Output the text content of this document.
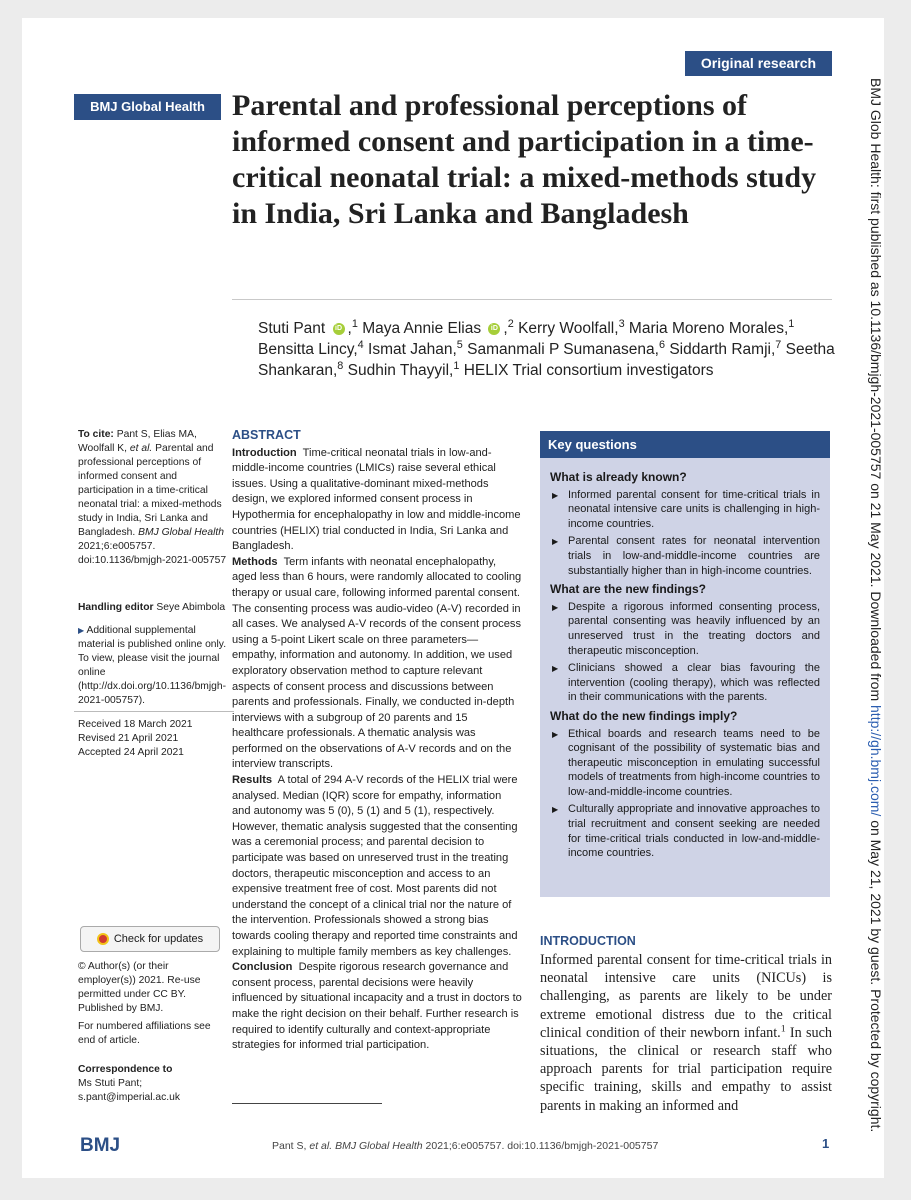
Original research
BMJ Global Health Parental and professional perceptions of informed consent and participation in a time-critical neonatal trial: a mixed-methods study in India, Sri Lanka and Bangladesh
Stuti Pant iD ,$^1$ Maya Annie Elias iD ,$^2$ Kerry Woolfall,$^3$ Maria Moreno Morales,$^1$ Bensitta Lincy,$^4$ Ismat Jahan,$^5$ Samanmali P Sumanasena,$^6$ Siddarth Ramji,$^7$ Seetha Shankaran,$^8$ Sudhin Thayyil,$^1$ HELIX Trial consortium investigators
To cite: Pant S, Elias MA, Woolfall K, et al. Parental and professional perceptions of informed consent and participation in a time-critical neonatal trial: a mixed-methods study in India, Sri Lanka and Bangladesh. BMJ Global Health 2021;6:e005757. doi:10.1136/bmjgh-2021-005757
Handling editor Seye Abimbola
▶ Additional supplemental material is published online only. To view, please visit the journal online (http://dx.doi.org/10.1136/bmjgh-2021-005757).
Received 18 March 2021
Revised 21 April 2021
Accepted 24 April 2021
Check for updates
© Author(s) (or their employer(s)) 2021. Re-use permitted under CC BY. Published by BMJ.
For numbered affiliations see end of article.
Correspondence to
Ms Stuti Pant;
s.pant@imperial.ac.uk
ABSTRACT

Introduction Time-critical neonatal trials in low-and-middle-income countries (LMICs) raise several ethical issues. Using a qualitative-dominant mixed-methods design, we explored informed consent process in Hypothermia for encephalopathy in low and middle-income countries (HELIX) trial conducted in India, Sri Lanka and Bangladesh.

Methods Term infants with neonatal encephalopathy, aged less than 6 hours, were randomly allocated to cooling therapy or usual care, following informed parental consent. The consenting process was audio-video (A-V) recorded in all cases. We analysed A-V records of the consent process using a 5-point Likert scale on three parameters—empathy, information and autonomy. In addition, we used exploratory observation method to capture relevant aspects of consent process and discussions between parents and professionals. Finally, we conducted in-depth interviews with a subgroup of 20 parents and 15 healthcare professionals. A thematic analysis was performed on the observations of A-V records and on the interview transcripts.

Results A total of 294 A-V records of the HELIX trial were analysed. Median (IQR) score for empathy, information and autonomy was 5 (0), 5 (1) and 5 (1), respectively. However, thematic analysis suggested that the consenting was a ceremonial process; and parental decision to participate was based on unreserved trust in the treating doctors, therapeutic misconception and access to an expensive treatment free of cost. Most parents did not understand the concept of a clinical trial nor the nature of the intervention. Professionals showed a strong bias towards cooling therapy and reported time constraints and explaining to multiple family members as key challenges.

Conclusion Despite rigorous research governance and consent process, parental decisions were heavily influenced by situational incapacity and a trust in doctors to make the right decision on their behalf. Further research is required to identify culturally and context-appropriate strategies for informed trial participation.

Key questions
What is already known?
▶ Informed parental consent for time-critical trials in neonatal intensive care units is challenging in high-income countries.
▶ Parental consent rates for neonatal intervention trials in low-and-middle-income countries are substantially higher than in high-income countries.
What are the new findings?
▶ Despite a rigorous informed consenting process, parental consenting was heavily influenced by an unreserved trust in the treating doctors and therapeutic misconception.
▶ Clinicians showed a clear bias favouring the intervention (cooling therapy), which was reflected in their communications with the parents.
What do the new findings imply?
▶ Ethical boards and research teams need to be cognisant of the possibility of systematic bias and therapeutic misconception in emulating successful models of treatments from high-income countries to low-and-middle-income countries.
▶ Culturally appropriate and innovative approaches to trial recruitment and consent seeking are needed for time-critical trials conducted in low-and-middle-income countries.
INTRODUCTION
Informed parental consent for time-critical trials in neonatal intensive care units (NICUs) is challenging, as parents are likely to be under extreme emotional distress due to the critical clinical condition of their newborn infant.$^1$ In such situations, the clinical or research staff who approach parents for trial participation require specific training, skills and empathy to assist parents in making an informed and
BMJ	Pant S, et al. BMJ Global Health 2021;6:e005757. doi:10.1136/bmjgh-2021-005757	1
BMJ Glob Health: first published as 10.1136/bmjgh-2021-005757 on 21 May 2021. Downloaded from http://gh.bmj.com/ on May 21, 2021 by guest. Protected by copyright.
